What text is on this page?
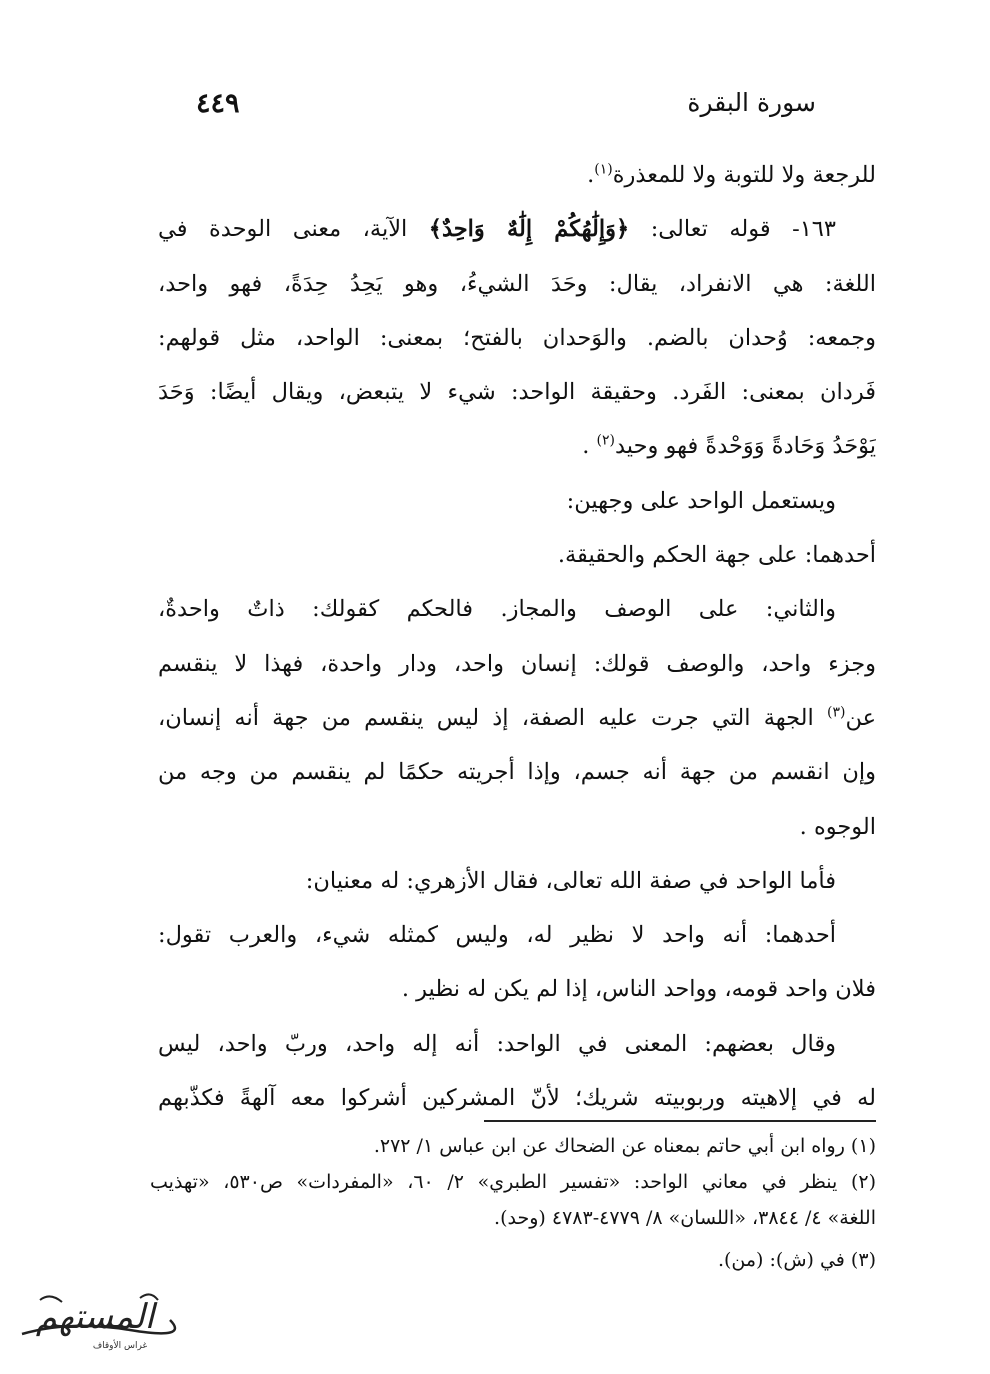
سورة البقرة
٤٤٩
للرجعة ولا للتوبة ولا للمعذرة$^{(١)}$.
١٦٣- قوله تعالى: ﴿وَإِلَٰهُكُمْ إِلَٰهٌ وَاحِدٌ﴾ الآية، معنى الوحدة في
اللغة: هي الانفراد، يقال: وحَدَ الشيءُ، وهو يَحِدُ حِدَةً، فهو واحد،
وجمعه: وُحدان بالضم. والوَحدان بالفتح؛ بمعنى: الواحد، مثل قولهم:
فَردان بمعنى: الفَرد. وحقيقة الواحد: شيء لا يتبعض، ويقال أيضًا: وَحَدَ
يَوْحَدُ وَحَادةً وَوَحْدةً فهو وحيد$^{(٢)}$ .
ويستعمل الواحد على وجهين:
أحدهما: على جهة الحكم والحقيقة.
والثاني: على الوصف والمجاز. فالحكم كقولك: ذاتٌ واحدةٌ،
وجزء واحد، والوصف قولك: إنسان واحد، ودار واحدة، فهذا لا ينقسم
عن$^{(٣)}$ الجهة التي جرت عليه الصفة، إذ ليس ينقسم من جهة أنه إنسان،
وإن انقسم من جهة أنه جسم، وإذا أجريته حكمًا لم ينقسم من وجه من
الوجوه .
فأما الواحد في صفة الله تعالى، فقال الأزهري: له معنيان:
أحدهما: أنه واحد لا نظير له، وليس كمثله شيء، والعرب تقول:
فلان واحد قومه، وواحد الناس، إذا لم يكن له نظير .
وقال بعضهم: المعنى في الواحد: أنه إله واحد، وربّ واحد، ليس
له في إلاهيته وربوبيته شريك؛ لأنّ المشركين أشركوا معه آلهةً فكذّبهم
(١) رواه ابن أبي حاتم بمعناه عن الضحاك عن ابن عباس ١/ ٢٧٢.
(٢) ينظر في معاني الواحد: «تفسير الطبري» ٢/ ٦٠، «المفردات» ص٥٣٠، «تهذيب
اللغة» ٤/ ٣٨٤٤، «اللسان» ٨/ ٤٧٧٩-٤٧٨٣ (وحد).
(٣) في (ش): (من).
المستهم
غراس الأوقاف
